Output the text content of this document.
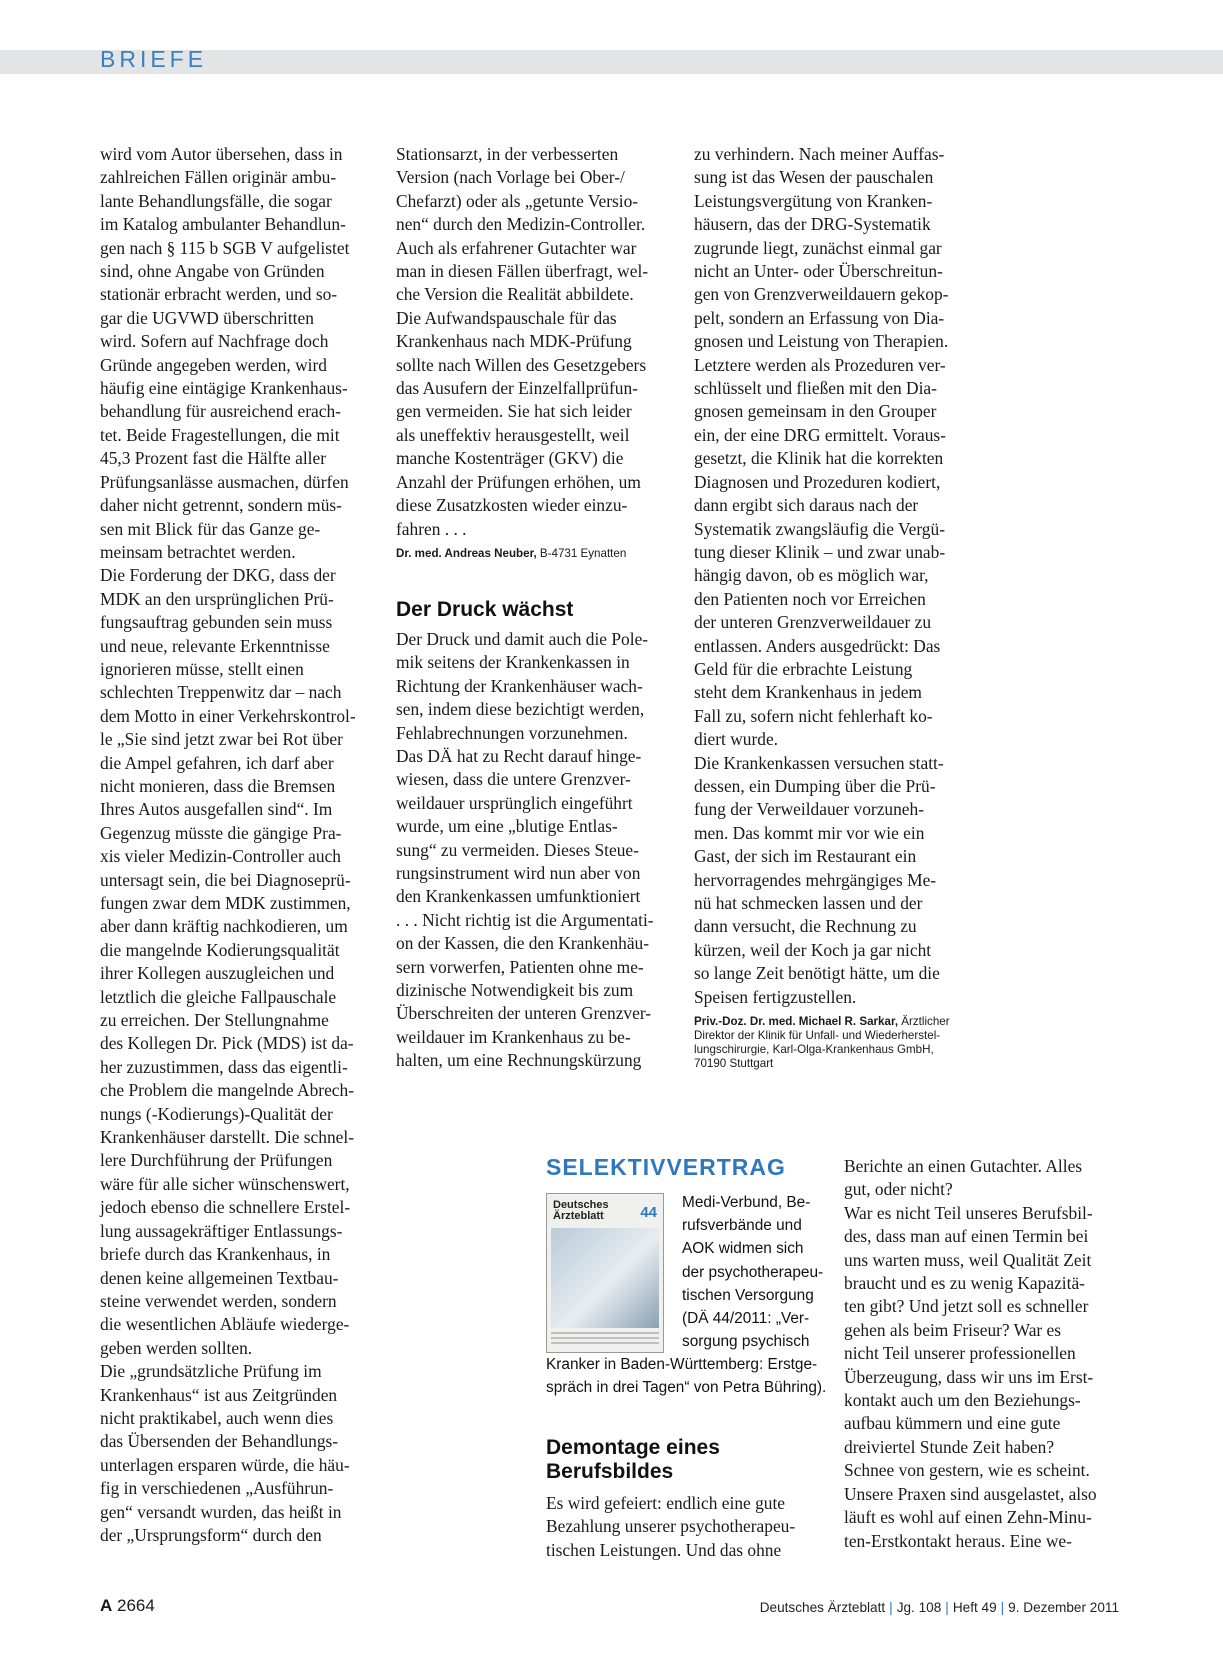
BRIEFE

wird vom Autor übersehen, dass in

zahlreichen Fällen originär ambu-

lante Behandlungsfälle, die sogar

im Katalog ambulanter Behandlun-

gen nach § 115 b SGB V aufgelistet

sind, ohne Angabe von Gründen

stationär erbracht werden, und so-

gar die UGVWD überschritten

wird. Sofern auf Nachfrage doch

Gründe angegeben werden, wird

häufig eine eintägige Krankenhaus-

behandlung für ausreichend erach-

tet. Beide Fragestellungen, die mit

45,3 Prozent fast die Hälfte aller

Prüfungsanlässe ausmachen, dürfen

daher nicht getrennt, sondern müs-

sen mit Blick für das Ganze ge-

meinsam betrachtet werden.

Die Forderung der DKG, dass der

MDK an den ursprünglichen Prü-

fungsauftrag gebunden sein muss

und neue, relevante Erkenntnisse

ignorieren müsse, stellt einen

schlechten Treppenwitz dar – nach

dem Motto in einer Verkehrskontrol-

le „Sie sind jetzt zwar bei Rot über

die Ampel gefahren, ich darf aber

nicht monieren, dass die Bremsen

Ihres Autos ausgefallen sind“. Im

Gegenzug müsste die gängige Pra-

xis vieler Medizin-Controller auch

untersagt sein, die bei Diagnoseprü-

fungen zwar dem MDK zustimmen,

aber dann kräftig nachkodieren, um

die mangelnde Kodierungsqualität

ihrer Kollegen auszugleichen und

letztlich die gleiche Fallpauschale

zu erreichen. Der Stellungnahme

des Kollegen Dr. Pick (MDS) ist da-

her zuzustimmen, dass das eigentli-

che Problem die mangelnde Abrech-

nungs (-Kodierungs)-Qualität der

Krankenhäuser darstellt. Die schnel-

lere Durchführung der Prüfungen

wäre für alle sicher wünschenswert,

jedoch ebenso die schnellere Erstel-

lung aussagekräftiger Entlassungs-

briefe durch das Krankenhaus, in

denen keine allgemeinen Textbau-

steine verwendet werden, sondern

die wesentlichen Abläufe wiederge-

geben werden sollten.

Die „grundsätzliche Prüfung im

Krankenhaus“ ist aus Zeitgründen

nicht praktikabel, auch wenn dies

das Übersenden der Behandlungs-

unterlagen ersparen würde, die häu-

fig in verschiedenen „Ausführun-

gen“ versandt wurden, das heißt in

der „Ursprungsform“ durch den

Stationsarzt, in der verbesserten

Version (nach Vorlage bei Ober-/

Chefarzt) oder als „getunte Versio-

nen“ durch den Medizin-Controller.

Auch als erfahrener Gutachter war

man in diesen Fällen überfragt, wel-

che Version die Realität abbildete.

Die Aufwandspauschale für das

Krankenhaus nach MDK-Prüfung

sollte nach Willen des Gesetzgebers

das Ausufern der Einzelfallprüfun-

gen vermeiden. Sie hat sich leider

als uneffektiv herausgestellt, weil

manche Kostenträger (GKV) die

Anzahl der Prüfungen erhöhen, um

diese Zusatzkosten wieder einzu-

fahren . . .

Dr. med. Andreas Neuber, B-4731 Eynatten
Der Druck wächst

Der Druck und damit auch die Pole-

mik seitens der Krankenkassen in

Richtung der Krankenhäuser wach-

sen, indem diese bezichtigt werden,

Fehlabrechnungen vorzunehmen.

Das DÄ hat zu Recht darauf hinge-

wiesen, dass die untere Grenzver-

weildauer ursprünglich eingeführt

wurde, um eine „blutige Entlas-

sung“ zu vermeiden. Dieses Steue-

rungsinstrument wird nun aber von

den Krankenkassen umfunktioniert

. . . Nicht richtig ist die Argumentati-

on der Kassen, die den Krankenhäu-

sern vorwerfen, Patienten ohne me-

dizinische Notwendigkeit bis zum

Überschreiten der unteren Grenzver-

weildauer im Krankenhaus zu be-

halten, um eine Rechnungskürzung

zu verhindern. Nach meiner Auffas-

sung ist das Wesen der pauschalen

Leistungsvergütung von Kranken-

häusern, das der DRG-Systematik

zugrunde liegt, zunächst einmal gar

nicht an Unter- oder Überschreitun-

gen von Grenzverweildauern gekop-

pelt, sondern an Erfassung von Dia-

gnosen und Leistung von Therapien.

Letztere werden als Prozeduren ver-

schlüsselt und fließen mit den Dia-

gnosen gemeinsam in den Grouper

ein, der eine DRG ermittelt. Voraus-

gesetzt, die Klinik hat die korrekten

Diagnosen und Prozeduren kodiert,

dann ergibt sich daraus nach der

Systematik zwangsläufig die Vergü-

tung dieser Klinik – und zwar unab-

hängig davon, ob es möglich war,

den Patienten noch vor Erreichen

der unteren Grenzverweildauer zu

entlassen. Anders ausgedrückt: Das

Geld für die erbrachte Leistung

steht dem Krankenhaus in jedem

Fall zu, sofern nicht fehlerhaft ko-

diert wurde.

Die Krankenkassen versuchen statt-

dessen, ein Dumping über die Prü-

fung der Verweildauer vorzuneh-

men. Das kommt mir vor wie ein

Gast, der sich im Restaurant ein

hervorragendes mehrgängiges Me-

nü hat schmecken lassen und der

dann versucht, die Rechnung zu

kürzen, weil der Koch ja gar nicht

so lange Zeit benötigt hätte, um die

Speisen fertigzustellen.

Priv.-Doz. Dr. med. Michael R. Sarkar, Ärztlicher
Direktor der Klinik für Unfall- und Wiederherstel-
lungschirurgie, Karl-Olga-Krankenhaus GmbH,
70190 Stuttgart
SELEKTIVVERTRAG
Deutsches
Ärzteblatt	44

Medi-Verbund, Be-

rufsverbände und

AOK widmen sich

der psychotherapeu-

tischen Versorgung

(DÄ 44/2011: „Ver-

sorgung psychisch

Kranker in Baden-Württemberg: Erstge-

spräch in drei Tagen“ von Petra Bühring).

Demontage eines
Berufsbildes

Es wird gefeiert: endlich eine gute

Bezahlung unserer psychotherapeu-

tischen Leistungen. Und das ohne

Berichte an einen Gutachter. Alles

gut, oder nicht?

War es nicht Teil unseres Berufsbil-

des, dass man auf einen Termin bei

uns warten muss, weil Qualität Zeit

braucht und es zu wenig Kapazitä-

ten gibt? Und jetzt soll es schneller

gehen als beim Friseur? War es

nicht Teil unserer professionellen

Überzeugung, dass wir uns im Erst-

kontakt auch um den Beziehungs-

aufbau kümmern und eine gute

dreiviertel Stunde Zeit haben?

Schnee von gestern, wie es scheint.

Unsere Praxen sind ausgelastet, also

läuft es wohl auf einen Zehn-Minu-

ten-Erstkontakt heraus. Eine we-

A 2664	Deutsches Ärzteblatt | Jg. 108 | Heft 49 | 9. Dezember 2011
